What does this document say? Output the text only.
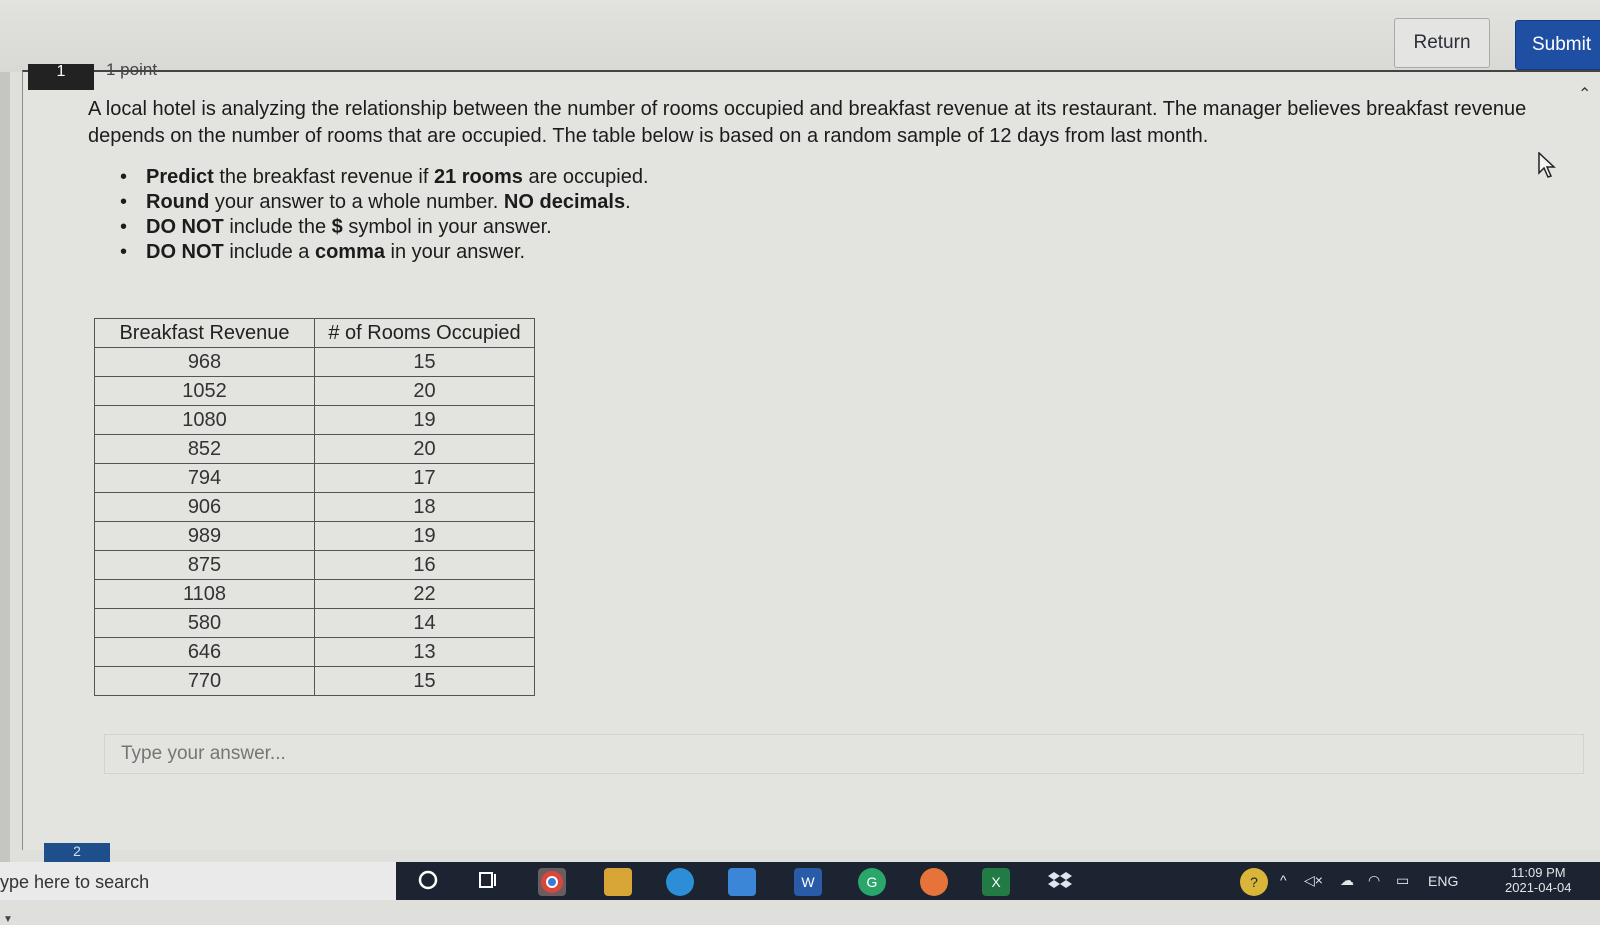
Return	Submit
▼
1	1 point
⌃
A local hotel is analyzing the relationship between the number of rooms occupied and breakfast revenue at its restaurant. The manager believes breakfast revenue depends on the number of rooms that are occupied. The table below is based on a random sample of 12 days from last month.
• Predict the breakfast revenue if 21 rooms are occupied.
• Round your answer to a whole number. NO decimals.
• DO NOT include the $ symbol in your answer.
• DO NOT include a comma in your answer.
Breakfast Revenue	# of Rooms Occupied
968	15
1052	20
1080	19
852	20
794	17
906	18
989	19
875	16
1108	22
580	14
646	13
770	15
Type your answer...
2
ype here to search	W	G	X	?	^ ◁× ☁ ◠ ▭ ENG
11:09 PM
2021-04-04
